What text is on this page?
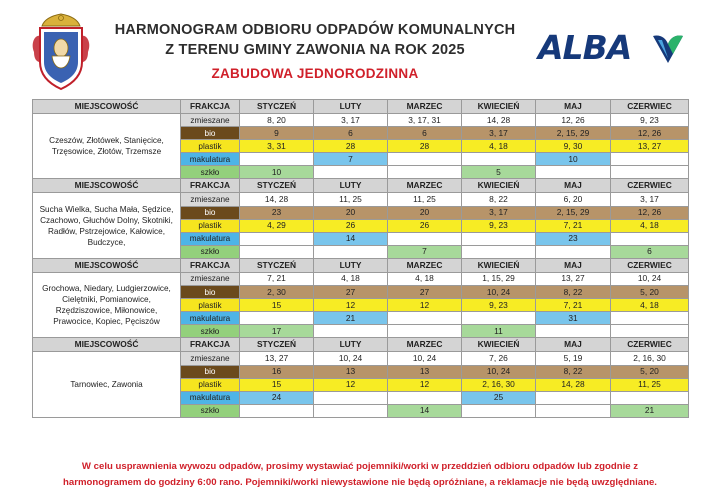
HARMONOGRAM ODBIORU ODPADÓW KOMUNALNYCH
Z TERENU GMINY ZAWONIA NA ROK 2025
ZABUDOWA JEDNORODZINNA
ALBA
MIEJSCOWOŚĆ	FRAKCJA	STYCZEŃ	LUTY	MARZEC	KWIECIEŃ	MAJ	CZERWIEC
Czeszów, Złotówek, Stanięcice, Trzęsowice, Złotów, Trzemsze	zmieszane	8, 20	3, 17	3, 17, 31	14, 28	12, 26	9, 23
	bio	9	6	6	3, 17	2, 15, 29	12, 26
	plastik	3, 31	28	28	4, 18	9, 30	13, 27
	makulatura		7			10	
	szkło	10			5		
MIEJSCOWOŚĆ	FRAKCJA	STYCZEŃ	LUTY	MARZEC	KWIECIEŃ	MAJ	CZERWIEC
Sucha Wielka, Sucha Mała, Sędzice, Czachowo, Głuchów Dolny, Skotniki, Radłów, Pstrzejowice, Kałowice, Budczyce,	zmieszane	14, 28	11, 25	11, 25	8, 22	6, 20	3, 17
	bio	23	20	20	3, 17	2, 15, 29	12, 26
	plastik	4, 29	26	26	9, 23	7, 21	4, 18
	makulatura		14			23	
	szkło			7			6
MIEJSCOWOŚĆ	FRAKCJA	STYCZEŃ	LUTY	MARZEC	KWIECIEŃ	MAJ	CZERWIEC
Grochowa, Niedary, Ludgierzowice, Cielętniki, Pomianowice, Rzędziszowice, Miłonowice, Prawocice, Kopiec, Pęciszów	zmieszane	7, 21	4, 18	4, 18	1, 15, 29	13, 27	10, 24
	bio	2, 30	27	27	10, 24	8, 22	5, 20
	plastik	15	12	12	9, 23	7, 21	4, 18
	makulatura		21			31	
	szkło	17			11		
MIEJSCOWOŚĆ	FRAKCJA	STYCZEŃ	LUTY	MARZEC	KWIECIEŃ	MAJ	CZERWIEC
Tarnowiec, Zawonia	zmieszane	13, 27	10, 24	10, 24	7, 26	5, 19	2, 16, 30
	bio	16	13	13	10, 24	8, 22	5, 20
	plastik	15	12	12	2, 16, 30	14, 28	11, 25
	makulatura	24			25		
	szkło			14			21
W celu usprawnienia wywozu odpadów, prosimy wystawiać pojemniki/worki w przeddzień odbioru odpadów lub zgodnie z
harmonogramem do godziny 6:00 rano. Pojemniki/worki niewystawione nie będą opróżniane, a reklamacje nie będą uwzględniane.
